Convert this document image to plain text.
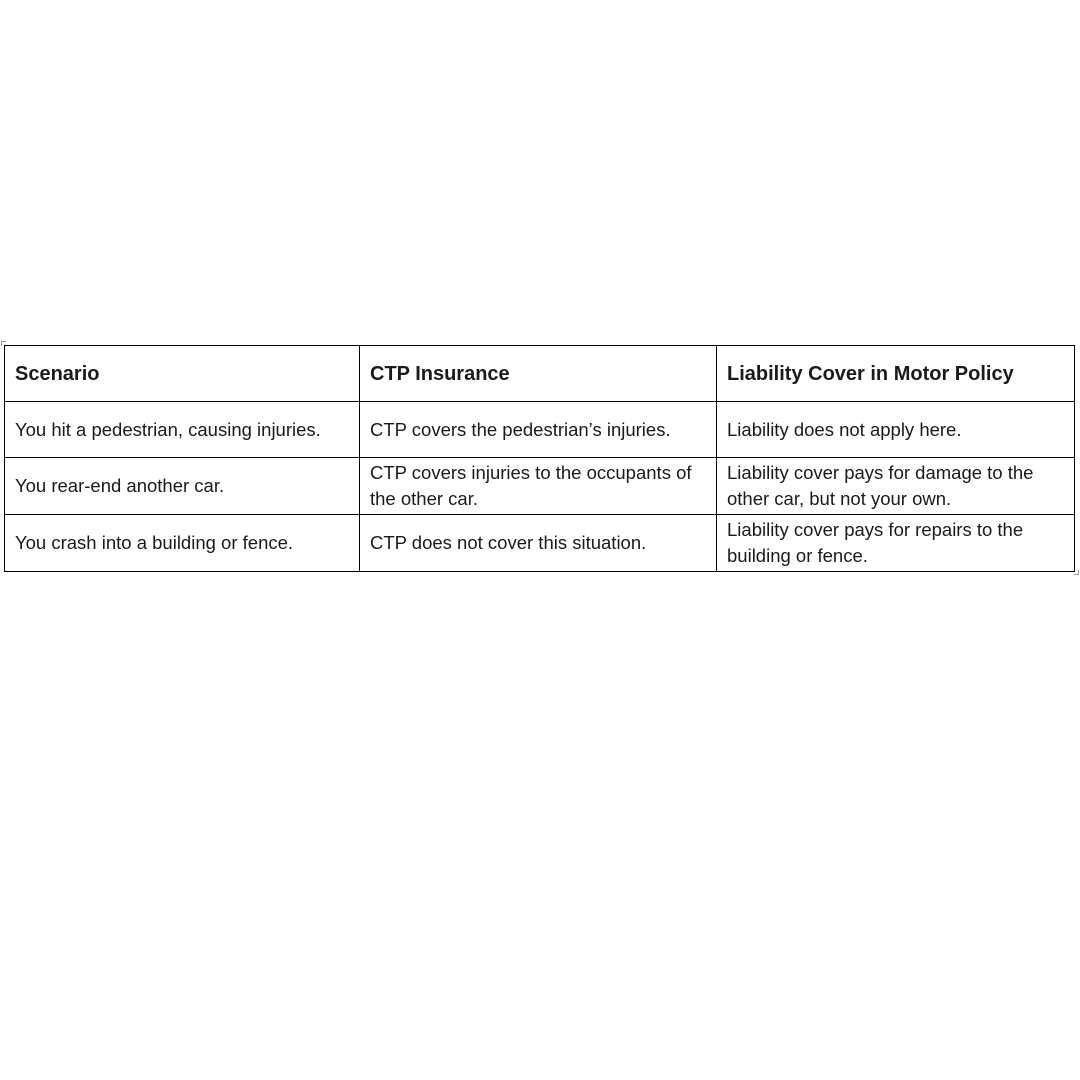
Scenario	CTP Insurance	Liability Cover in Motor Policy
You hit a pedestrian, causing injuries.	CTP covers the pedestrian’s injuries.	Liability does not apply here.
You rear-end another car.	CTP covers injuries to the occupants of the other car.	Liability cover pays for damage to the other car, but not your own.
You crash into a building or fence.	CTP does not cover this situation.	Liability cover pays for repairs to the building or fence.
